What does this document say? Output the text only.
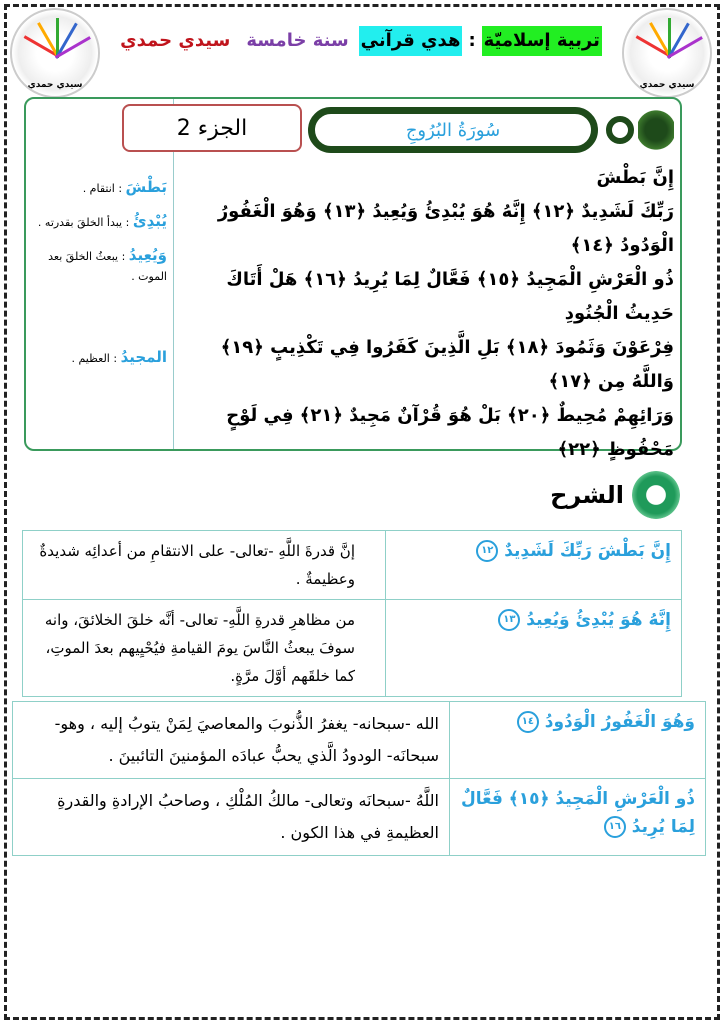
سيدي حمدي	سيدي حمدي
تربية إسلاميّة
:
هدي قرآني
سنة خامسة
سيدي حمدي
بَطْشَ : انتقام .
يُبْدِئُ : يبدأ الخلقَ بقدرته .
وَيُعِيدُ : يبعثُ الخلقَ بعد الموت .
المجيدُ : العظيم .
سُورَةُ البُرُوجِ
الجزء 2
إِنَّ بَطْشَ
رَبِّكَ لَشَدِيدٌ ﴿١٢﴾ إِنَّهُ هُوَ يُبْدِئُ وَيُعِيدُ ﴿١٣﴾ وَهُوَ الْغَفُورُ الْوَدُودُ ﴿١٤﴾
ذُو الْعَرْشِ الْمَجِيدُ ﴿١٥﴾ فَعَّالٌ لِمَا يُرِيدُ ﴿١٦﴾ هَلْ أَتَاكَ حَدِيثُ الْجُنُودِ
فِرْعَوْنَ وَثَمُودَ ﴿١٨﴾ بَلِ الَّذِينَ كَفَرُوا فِي تَكْذِيبٍ ﴿١٩﴾ وَاللَّهُ مِن ﴿١٧﴾
وَرَائِهِمْ مُحِيطٌ ﴿٢٠﴾ بَلْ هُوَ قُرْآنٌ مَجِيدٌ ﴿٢١﴾ فِي لَوْحٍ مَحْفُوظٍ ﴿٢٢﴾
الشرح
إِنَّ بَطْشَ رَبِّكَ لَشَدِيدٌ ١٢	إنَّ قدرةَ اللَّهِ -تعالى- على الانتقامِ من أعدائِه شديدةٌ وعظيمةٌ .
إِنَّهُ هُوَ يُبْدِئُ وَيُعِيدُ ١٣	من مظاهرِ قدرةِ اللَّهِ- تعالى- أنَّه خلقَ الخلائقَ، وانه سوفَ يبعثُ النَّاسَ يومَ القيامةِ فيُحْيِيهم بعدَ الموتِ، كما خلقَهم أوَّلَ مرَّةٍ.
وَهُوَ الْغَفُورُ الْوَدُودُ ١٤	الله -سبحانه- يغفرُ الذُّنوبَ والمعاصيَ لِمَنْ يتوبُ إليه ، وهو- سبحانَه- الودودُ الَّذي يحبُّ عبادَه المؤمنينَ التائبينَ .
ذُو الْعَرْشِ الْمَجِيدُ ﴿١٥﴾ فَعَّالٌ لِمَا يُرِيدُ ١٦	اللَّهُ -سبحانَه وتعالى- مالكُ المُلْكِ ، وصاحبُ الإرادةِ والقدرةِ العظيمةِ في هذا الكون .
